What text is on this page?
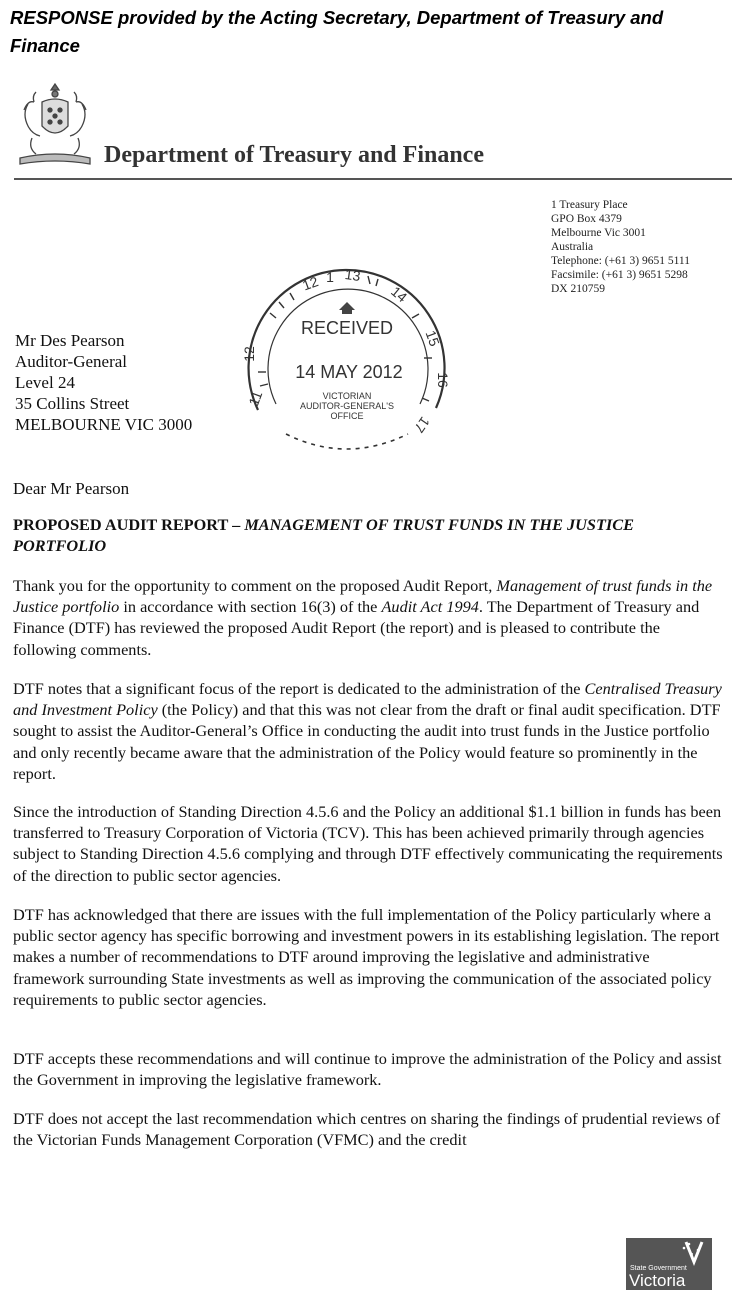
RESPONSE provided by the Acting Secretary, Department of Treasury and Finance
Department of Treasury and Finance
1 Treasury Place
GPO Box 4379
Melbourne Vic 3001
Australia
Telephone: (+61 3) 9651 5111
Facsimile: (+61 3) 9651 5298
DX 210759
RECEIVED
14 MAY 2012
VICTORIAN
AUDITOR-GENERAL'S
OFFICE
12 1 13
14
15
16
17
11
12
Mr Des Pearson
Auditor-General
Level 24
35 Collins Street
MELBOURNE VIC 3000
Dear Mr Pearson
PROPOSED AUDIT REPORT – MANAGEMENT OF TRUST FUNDS IN THE JUSTICE PORTFOLIO
Thank you for the opportunity to comment on the proposed Audit Report, Management of trust funds in the Justice portfolio in accordance with section 16(3) of the Audit Act 1994. The Department of Treasury and Finance (DTF) has reviewed the proposed Audit Report (the report) and is pleased to contribute the following comments.
DTF notes that a significant focus of the report is dedicated to the administration of the Centralised Treasury and Investment Policy (the Policy) and that this was not clear from the draft or final audit specification. DTF sought to assist the Auditor-General’s Office in conducting the audit into trust funds in the Justice portfolio and only recently became aware that the administration of the Policy would feature so prominently in the report.
Since the introduction of Standing Direction 4.5.6 and the Policy an additional $1.1 billion in funds has been transferred to Treasury Corporation of Victoria (TCV). This has been achieved primarily through agencies subject to Standing Direction 4.5.6 complying and through DTF effectively communicating the requirements of the direction to public sector agencies.
DTF has acknowledged that there are issues with the full implementation of the Policy particularly where a public sector agency has specific borrowing and investment powers in its establishing legislation. The report makes a number of recommendations to DTF around improving the legislative and administrative framework surrounding State investments as well as improving the communication of the associated policy requirements to public sector agencies.
DTF accepts these recommendations and will continue to improve the administration of the Policy and assist the Government in improving the legislative framework.
DTF does not accept the last recommendation which centres on sharing the findings of prudential reviews of the Victorian Funds Management Corporation (VFMC) and the credit
State Government
Victoria
